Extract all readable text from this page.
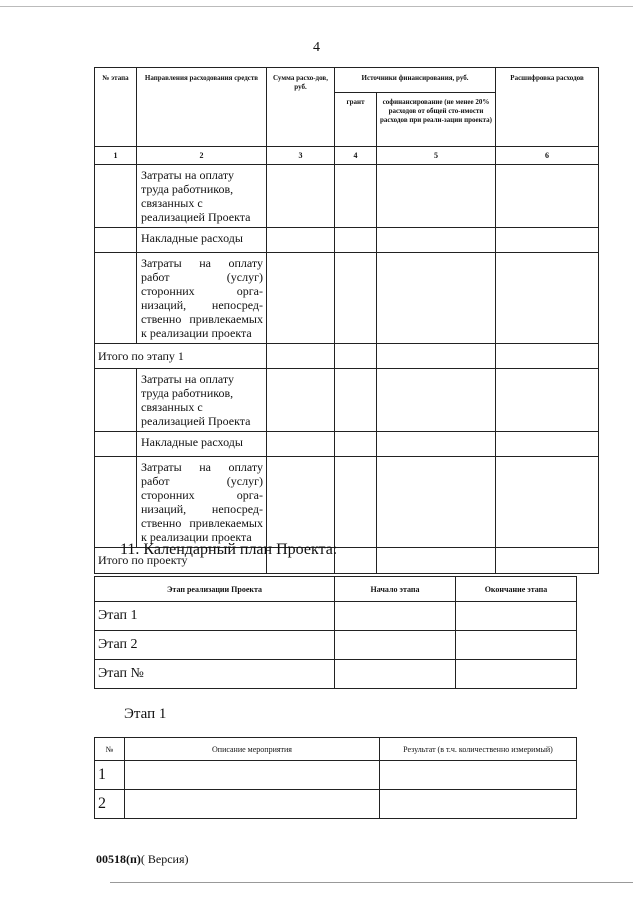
4
№ этапа	Направления расходования средств	Сумма расхо-дов, руб.	Источники финансирования, руб.		Расшифровка расходов
			грант	софинансирование (не менее 20% расходов от общей сто-имости расходов при реали-зации проекта)	
1	2	3	4	5	6
	Затраты на оплату труда работников, связанных с реализацией Проекта				
	Накладные расходы				
	Затраты на оплату работ (услуг) сторонних орга-низаций, непосред-ственно привлекаемых к реализации проекта				
Итого по этапу 1					
	Затраты на оплату труда работников, связанных с реализацией Проекта				
	Накладные расходы				
	Затраты на оплату работ (услуг) сторонних орга-низаций, непосред-ственно привлекаемых к реализации проекта				
Итого по проекту					
11. Календарный план Проекта:
Этап реализации Проекта	Начало этапа	Окончание этапа
Этап 1		
Этап 2		
Этап №		
Этап 1
№	Описание мероприятия	Результат (в т.ч. количественно измеримый)
1		
2		
00518(п)( Версия)
